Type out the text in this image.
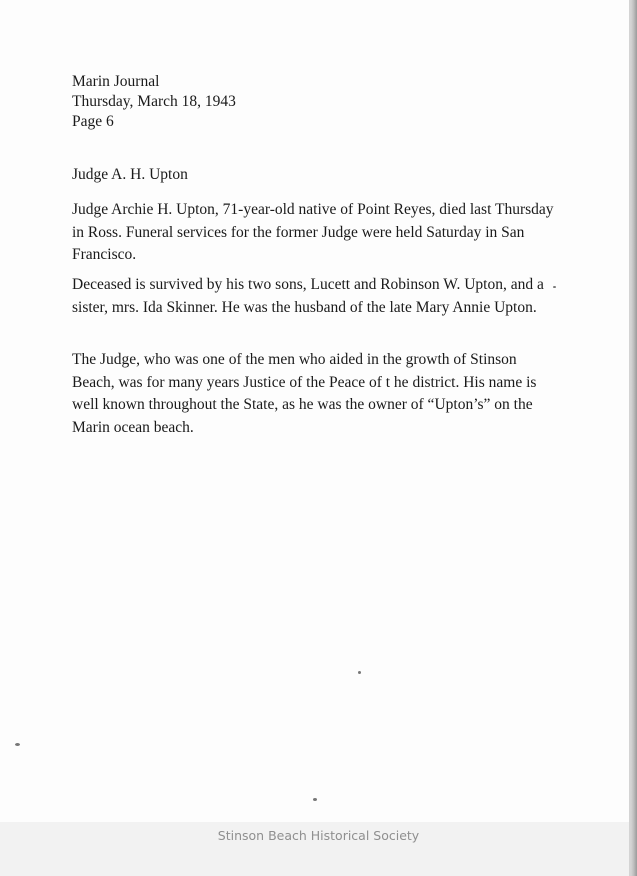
Marin Journal
Thursday, March 18, 1943
Page 6
Judge A. H. Upton

Judge Archie H. Upton, 71-year-old native of Point Reyes, died last Thursday in Ross. Funeral services for the former Judge were held Saturday in San Francisco.

Deceased is survived by his two sons, Lucett and Robinson W. Upton, and a sister, mrs. Ida Skinner. He was the husband of the late Mary Annie Upton.

The Judge, who was one of the men who aided in the growth of Stinson Beach, was for many years Justice of the Peace of t he district. His name is well known throughout the State, as he was the owner of “Upton’s” on the Marin ocean beach.

Stinson Beach Historical Society
